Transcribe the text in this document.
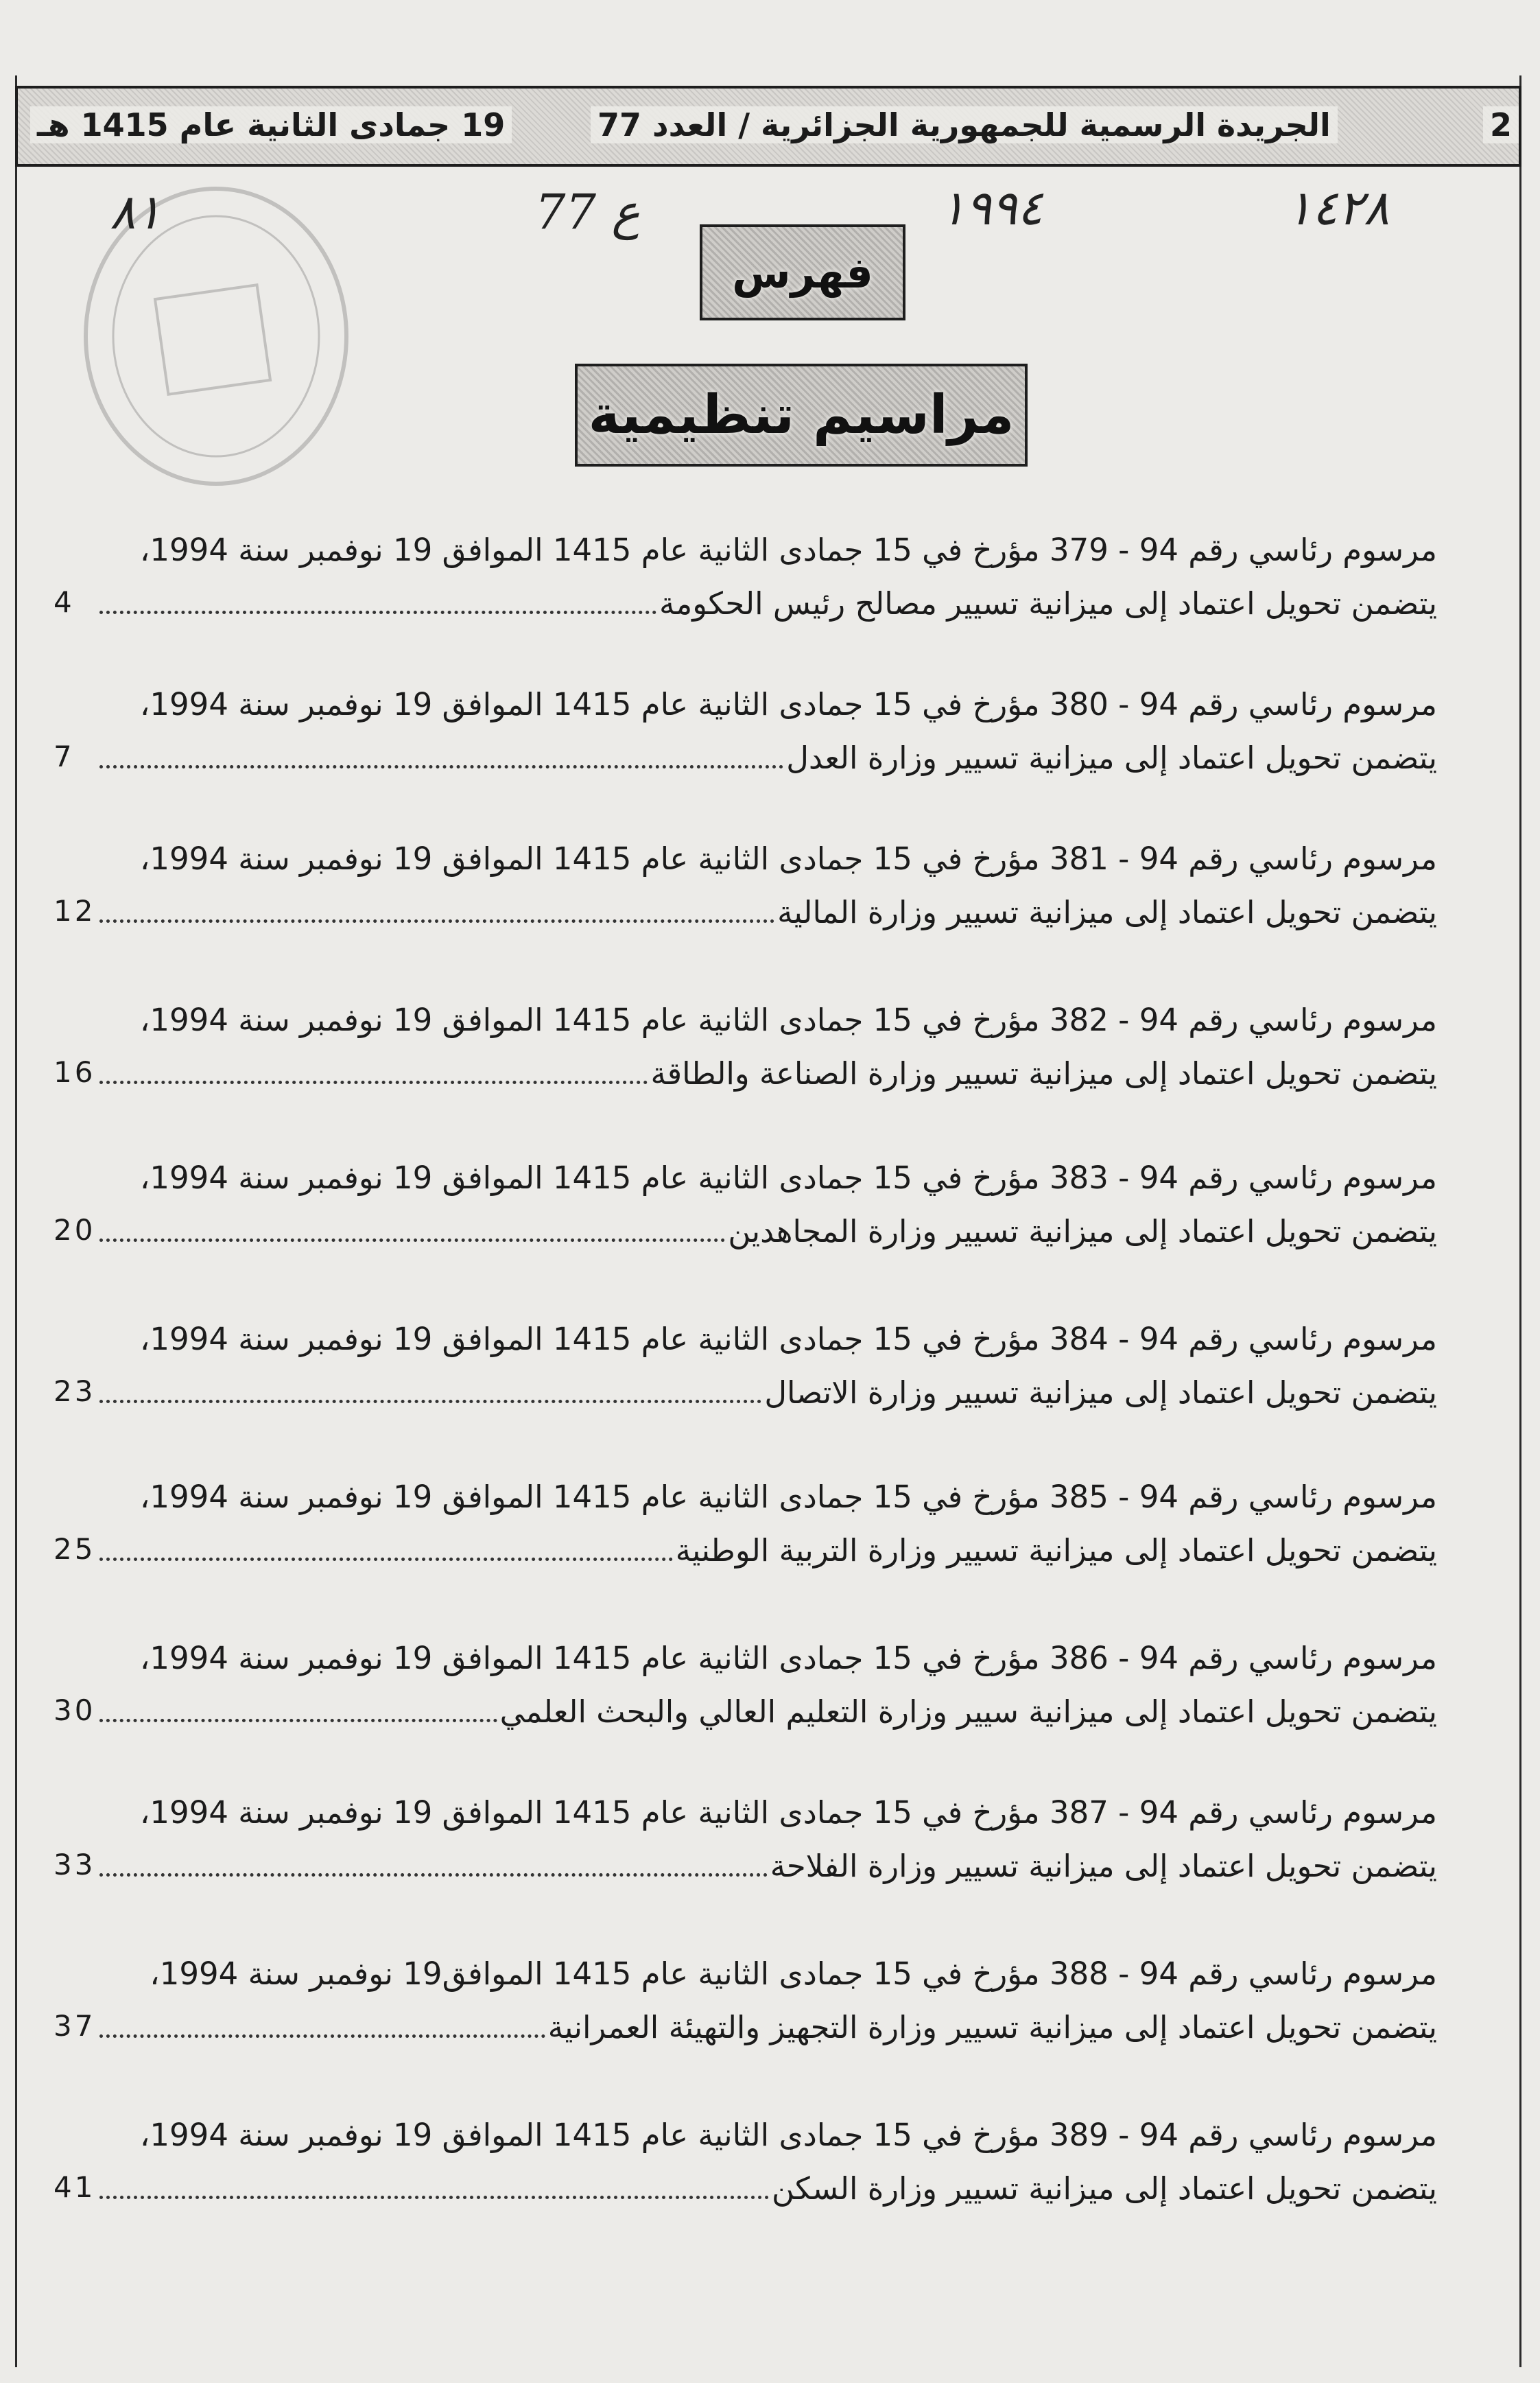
2
الجريدة الرسمية للجمهورية الجزائرية / العدد 77
19 جمادى الثانية عام 1415 هـ
٨١	77 ع	١٩٩٤	١٤٢٨
فهرس
مراسيم تنظيمية
مرسوم رئاسي رقم 94 - 379 مؤرخ في 15 جمادى الثانية عام 1415 الموافق 19 نوفمبر سنة 1994،
يتضمن تحويل اعتماد إلى ميزانية تسيير مصالح رئيس الحكومة
4
مرسوم رئاسي رقم 94 - 380 مؤرخ في 15 جمادى الثانية عام 1415 الموافق 19 نوفمبر سنة 1994،
يتضمن تحويل اعتماد إلى ميزانية تسيير وزارة العدل
7
مرسوم رئاسي رقم 94 - 381 مؤرخ في 15 جمادى الثانية عام 1415 الموافق 19 نوفمبر سنة 1994،
يتضمن تحويل اعتماد إلى ميزانية تسيير وزارة المالية
12
مرسوم رئاسي رقم 94 - 382 مؤرخ في 15 جمادى الثانية عام 1415 الموافق 19 نوفمبر سنة 1994،
يتضمن تحويل اعتماد إلى ميزانية تسيير وزارة الصناعة والطاقة
16
مرسوم رئاسي رقم 94 - 383 مؤرخ في 15 جمادى الثانية عام 1415 الموافق 19 نوفمبر سنة 1994،
يتضمن تحويل اعتماد إلى ميزانية تسيير وزارة المجاهدين
20
مرسوم رئاسي رقم 94 - 384 مؤرخ في 15 جمادى الثانية عام 1415 الموافق 19 نوفمبر سنة 1994،
يتضمن تحويل اعتماد إلى ميزانية تسيير وزارة الاتصال
23
مرسوم رئاسي رقم 94 - 385 مؤرخ في 15 جمادى الثانية عام 1415 الموافق 19 نوفمبر سنة 1994،
يتضمن تحويل اعتماد إلى ميزانية تسيير وزارة التربية الوطنية
25
مرسوم رئاسي رقم 94 - 386 مؤرخ في 15 جمادى الثانية عام 1415 الموافق 19 نوفمبر سنة 1994،
يتضمن تحويل اعتماد إلى ميزانية سيير وزارة التعليم العالي والبحث العلمي
30
مرسوم رئاسي رقم 94 - 387 مؤرخ في 15 جمادى الثانية عام 1415 الموافق 19 نوفمبر سنة 1994،
يتضمن تحويل اعتماد إلى ميزانية تسيير وزارة الفلاحة
33
مرسوم رئاسي رقم 94 - 388 مؤرخ في 15 جمادى الثانية عام 1415 الموافق19 نوفمبر سنة 1994،
يتضمن تحويل اعتماد إلى ميزانية تسيير وزارة التجهيز والتهيئة العمرانية
37
مرسوم رئاسي رقم 94 - 389 مؤرخ في 15 جمادى الثانية عام 1415 الموافق 19 نوفمبر سنة 1994،
يتضمن تحويل اعتماد إلى ميزانية تسيير وزارة السكن
41
